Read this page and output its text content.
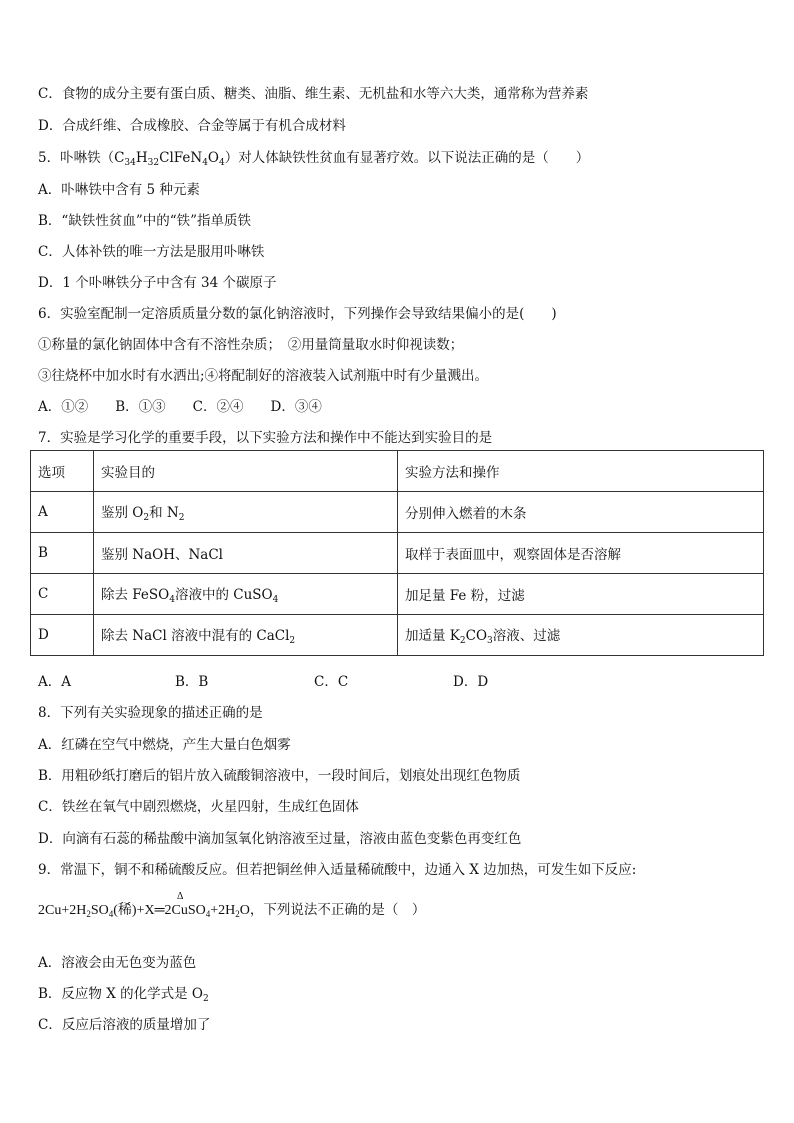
C．食物的成分主要有蛋白质、糖类、油脂、维生素、无机盐和水等六大类，通常称为营养素
D．合成纤维、合成橡胶、合金等属于有机合成材料
5．卟啉铁$(C_{34}H_{32}ClFeN_4O_4)$对人体缺铁性贫血有显著疗效。以下说法正确的是（　　）
A．卟啉铁中含有 5 种元素
B．“缺铁性贫血”中的“铁”指单质铁
C．人体补铁的唯一方法是服用卟啉铁
D．1 个卟啉铁分子中含有 34 个碳原子
6．实验室配制一定溶质质量分数的氯化钠溶液时，下列操作会导致结果偏小的是(　　)
①称量的氯化钠固体中含有不溶性杂质；　②用量筒量取水时仰视读数；
③往烧杯中加水时有水洒出;④将配制好的溶液装入试剂瓶中时有少量溅出。
A．①②　　B．①③　　C．②④　　D．③④
7．实验是学习化学的重要手段，以下实验方法和操作中不能达到实验目的是
选项	实验目的	实验方法和操作
A	鉴别 $O_2$和 $N_2$	分别伸入燃着的木条
B	鉴别 NaOH、NaCl	取样于表面皿中，观察固体是否溶解
C	除去 FeSO$_4$溶液中的 CuSO$_4$	加足量 Fe 粉，过滤
D	除去 NaCl 溶液中混有的 CaCl$_2$	加适量 $K_2CO_3$溶液、过滤
A．A	B．B	C．C	D．D
8．下列有关实验现象的描述正确的是
A．红磷在空气中燃烧，产生大量白色烟雾
B．用粗砂纸打磨后的铝片放入硫酸铜溶液中，一段时间后，划痕处出现红色物质
C．铁丝在氧气中剧烈燃烧，火星四射，生成红色固体
D．向滴有石蕊的稀盐酸中滴加氢氧化钠溶液至过量，溶液由蓝色变紫色再变红色
9．常温下，铜不和稀硫酸反应。但若把铜丝伸入适量稀硫酸中，边通入 X 边加热，可发生如下反应:
$2Cu+2H_2SO_4$(稀)+X
Δ
$═2CuSO_4+2H_2O$，下列说法不正确的是（　）
A．溶液会由无色变为蓝色
B．反应物 X 的化学式是 $O_2$
C．反应后溶液的质量增加了
